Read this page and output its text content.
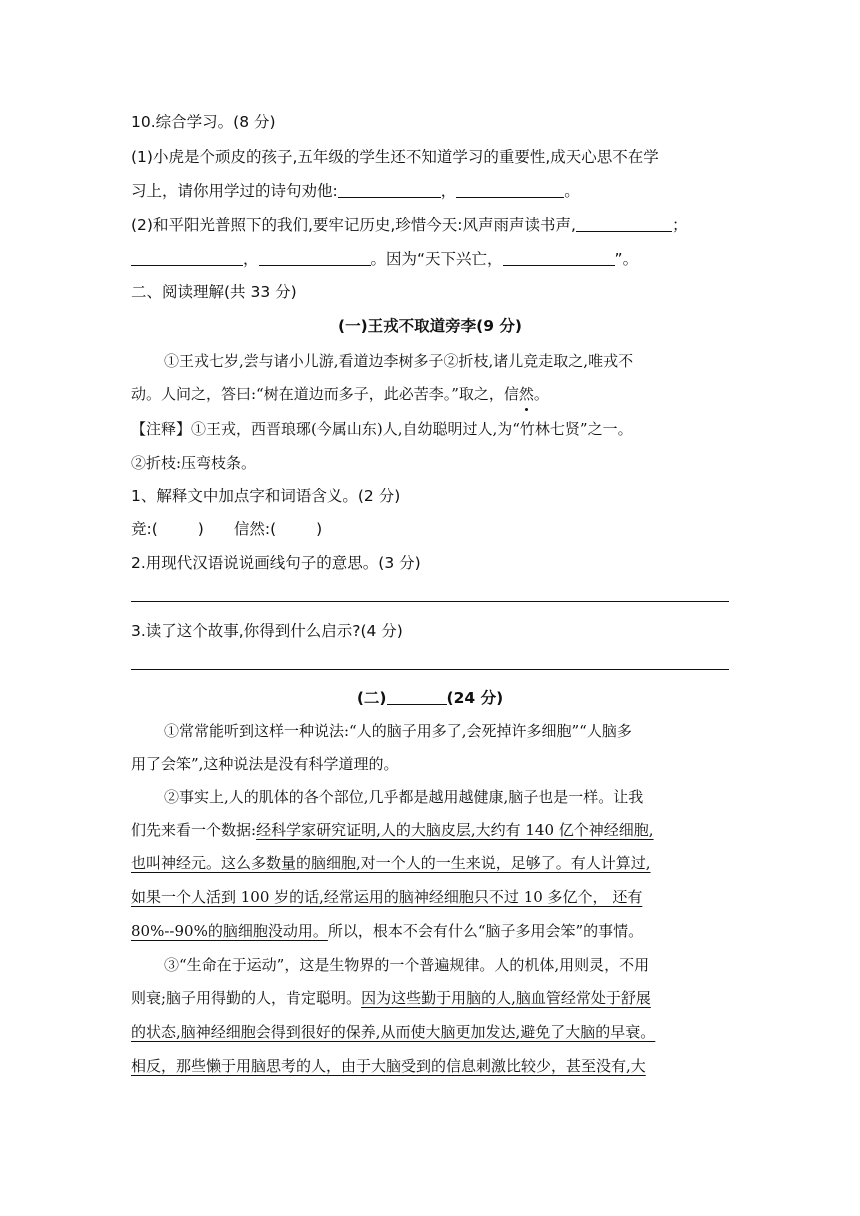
10.综合学习。(8 分)
(1)小虎是个顽皮的孩子,五年级的学生还不知道学习的重要性,成天心思不在学
习上，请你用学过的诗句劝他:	，	。
(2)和平阳光普照下的我们,要牢记历史,珍惜今天:风声雨声读书声,	；
，	。因为“天下兴亡，	”。
二、阅读理解(共 33 分)
(一)王戎不取道旁李(9 分)
①王戎七岁,尝与诸小儿游,看道边李树多子②折枝,诸儿竞走取之,唯戎不
动。人问之，答曰:“树在道边而多子，此必苦李。”取之，信然。
【注释】①王戎，西晋琅琊(今属山东)人,自幼聪明过人,为“竹林七贤”之一。
②折枝:压弯枝条。
1、解释文中加点字和词语含义。(2 分)
竞:(	) 信然:(	)
2.用现代汉语说说画线句子的意思。(3 分)
3.读了这个故事,你得到什么启示?(4 分)
(二)	(24 分)
①常常能听到这样一种说法:“人的脑子用多了,会死掉许多细胞”“人脑多
用了会笨”,这种说法是没有科学道理的。
②事实上,人的肌体的各个部位,几乎都是越用越健康,脑子也是一样。让我
们先来看一个数据:经科学家研究证明,人的大脑皮层,大约有 140 亿个神经细胞,
也叫神经元。这么多数量的脑细胞,对一个人的一生来说，足够了。有人计算过,
如果一个人活到 100 岁的话,经常运用的脑神经细胞只不过 10 多亿个， 还有
80%--90%的脑细胞没动用。所以，根本不会有什么“脑子多用会笨”的事情。
③“生命在于运动”，这是生物界的一个普遍规律。人的机体,用则灵，不用
则衰;脑子用得勤的人，肯定聪明。因为这些勤于用脑的人,脑血管经常处于舒展
的状态,脑神经细胞会得到很好的保养,从而使大脑更加发达,避免了大脑的早衰。
相反，那些懒于用脑思考的人，由于大脑受到的信息刺激比较少，甚至没有,大
